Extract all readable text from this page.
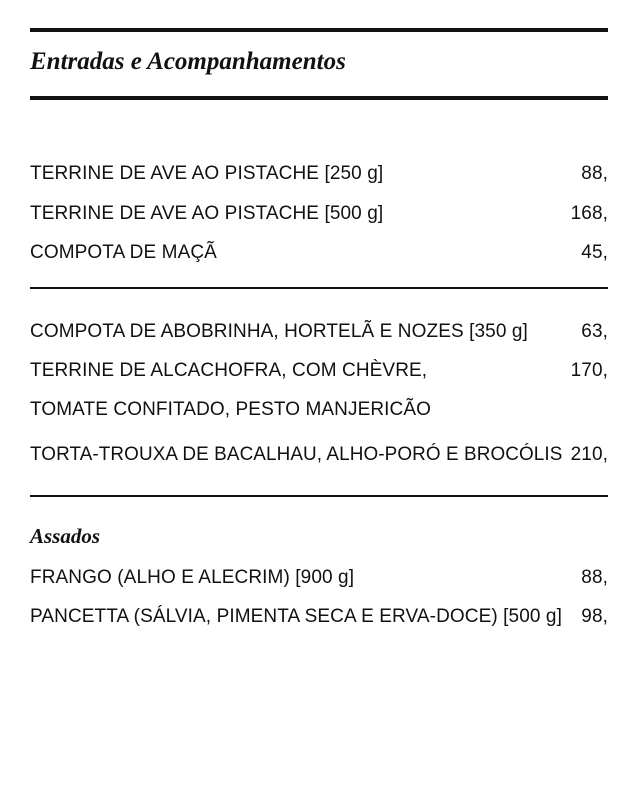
Entradas e Acompanhamentos
TERRINE DE AVE AO PISTACHE [250 g]	88,
TERRINE DE AVE AO PISTACHE [500 g]	168,
COMPOTA DE MAÇÃ	45,
COMPOTA DE ABOBRINHA, HORTELÃ E NOZES [350 g]	63,
TERRINE DE ALCACHOFRA, COM CHÈVRE,	170,
TOMATE CONFITADO, PESTO MANJERICÃO
TORTA-TROUXA DE BACALHAU, ALHO-PORÓ E BROCÓLIS 210,
Assados
FRANGO (ALHO E ALECRIM) [900 g]	88,
PANCETTA (SÁLVIA, PIMENTA SECA E ERVA-DOCE) [500 g] 98,
